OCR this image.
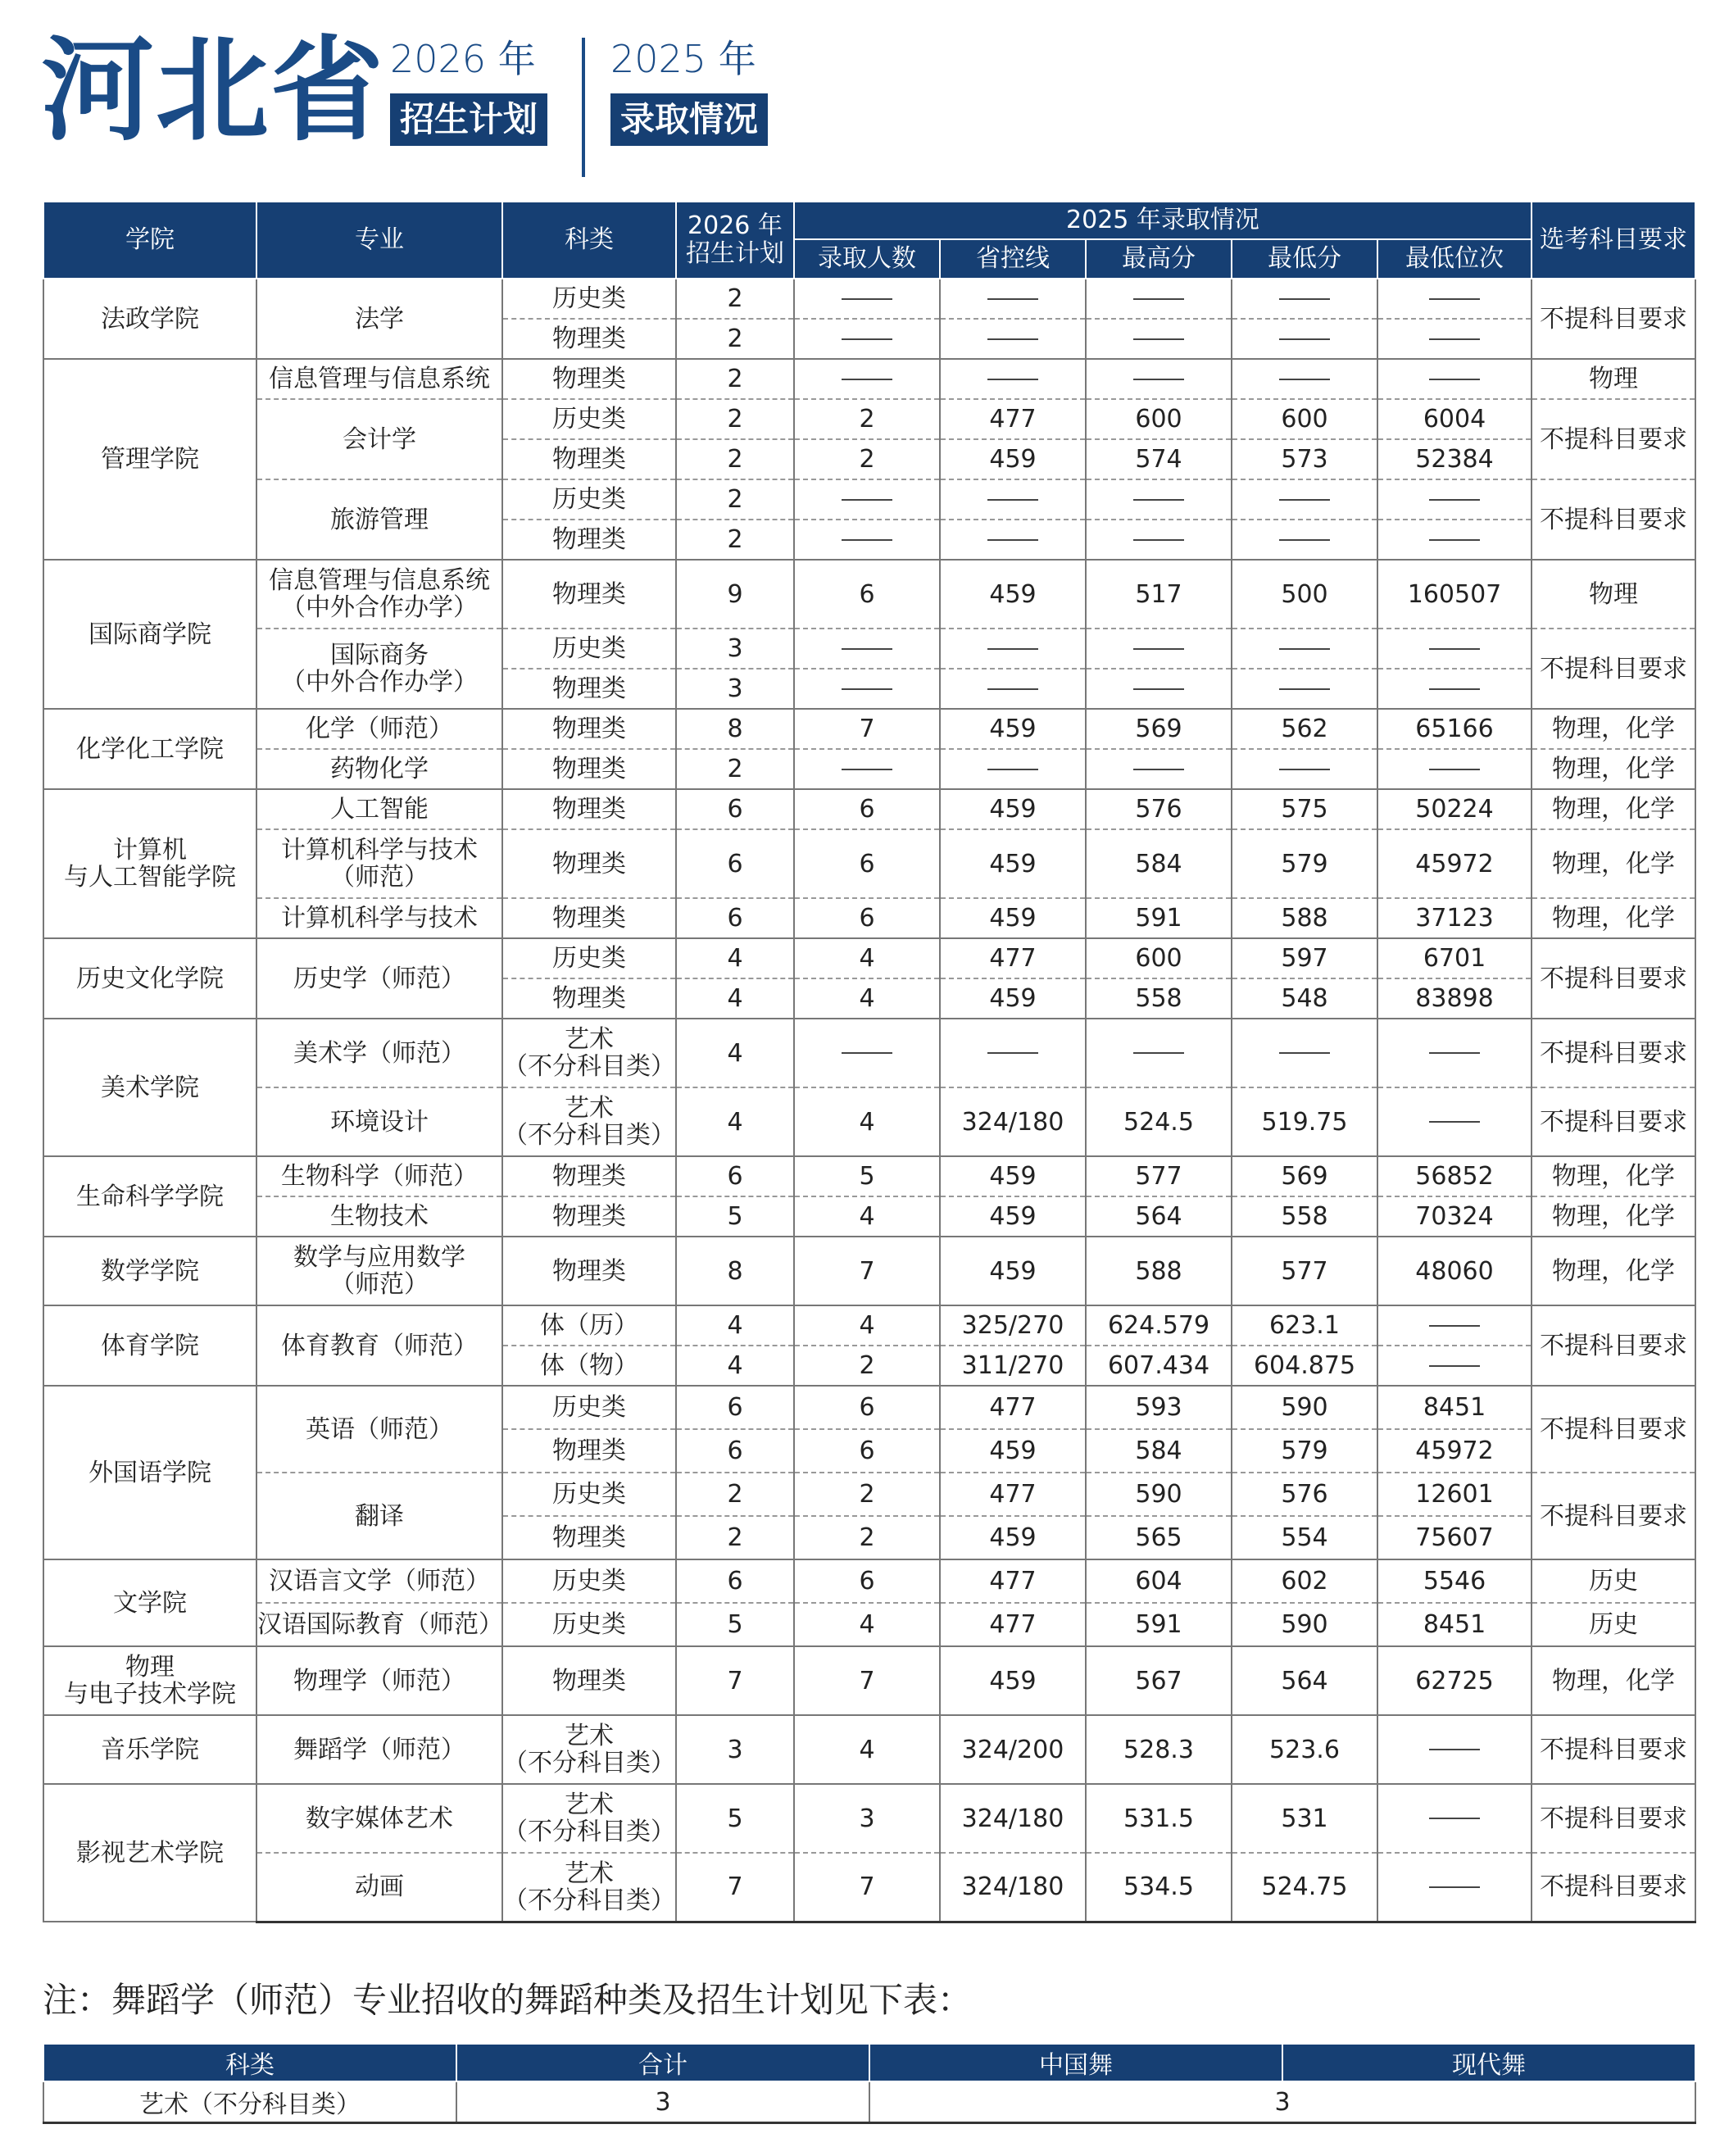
河北省 2026 年
招生计划
2025 年
录取情况
学院	专业	科类	2026 年
招生计划	2025 年录取情况					选考科目要求
				录取人数	省控线	最高分	最低分	最低位次	
法政学院	法学	历史类	2						不提科目要求
		物理类	2						
管理学院	信息管理与信息系统	物理类	2						物理
	会计学	历史类	2	2	477	600	600	6004	不提科目要求
		物理类	2	2	459	574	573	52384	
	旅游管理	历史类	2						不提科目要求
		物理类	2						
国际商学院	信息管理与信息系统
（中外合作办学）	物理类	9	6	459	517	500	160507	物理
	国际商务
（中外合作办学）	历史类	3						不提科目要求
		物理类	3						
化学化工学院	化学（师范）	物理类	8	7	459	569	562	65166	物理，化学
	药物化学	物理类	2						物理，化学
计算机
与人工智能学院	人工智能	物理类	6	6	459	576	575	50224	物理，化学
	计算机科学与技术
（师范）	物理类	6	6	459	584	579	45972	物理，化学
	计算机科学与技术	物理类	6	6	459	591	588	37123	物理，化学
历史文化学院	历史学（师范）	历史类	4	4	477	600	597	6701	不提科目要求
		物理类	4	4	459	558	548	83898	
美术学院	美术学（师范）	艺术
（不分科目类）	4						不提科目要求
	环境设计	艺术
（不分科目类）	4	4	324/180	524.5	519.75		不提科目要求
生命科学学院	生物科学（师范）	物理类	6	5	459	577	569	56852	物理，化学
	生物技术	物理类	5	4	459	564	558	70324	物理，化学
数学学院	数学与应用数学
（师范）	物理类	8	7	459	588	577	48060	物理，化学
体育学院	体育教育（师范）	体（历）	4	4	325/270	624.579	623.1		不提科目要求
		体（物）	4	2	311/270	607.434	604.875		
外国语学院	英语（师范）	历史类	6	6	477	593	590	8451	不提科目要求
		物理类	6	6	459	584	579	45972	
	翻译	历史类	2	2	477	590	576	12601	不提科目要求
		物理类	2	2	459	565	554	75607	
文学院	汉语言文学（师范）	历史类	6	6	477	604	602	5546	历史
	汉语国际教育（师范）	历史类	5	4	477	591	590	8451	历史
物理
与电子技术学院	物理学（师范）	物理类	7	7	459	567	564	62725	物理，化学
音乐学院	舞蹈学（师范）	艺术
（不分科目类）	3	4	324/200	528.3	523.6		不提科目要求
影视艺术学院	数字媒体艺术	艺术
（不分科目类）	5	3	324/180	531.5	531		不提科目要求
	动画	艺术
（不分科目类）	7	7	324/180	534.5	524.75		不提科目要求
注：舞蹈学（师范）专业招收的舞蹈种类及招生计划见下表：
科类	合计	中国舞	现代舞
艺术（不分科目类）	3	3	
